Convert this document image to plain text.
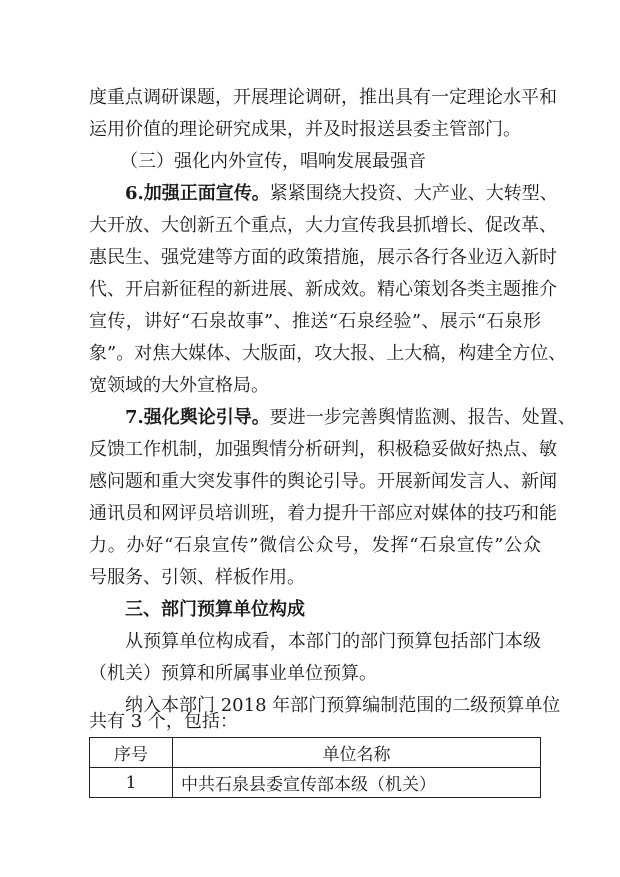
度重点调研课题，开展理论调研，推出具有一定理论水平和
运用价值的理论研究成果，并及时报送县委主管部门。
（三）强化内外宣传，唱响发展最强音
6.加强正面宣传。紧紧围绕大投资、大产业、大转型、
大开放、大创新五个重点，大力宣传我县抓增长、促改革、
惠民生、强党建等方面的政策措施，展示各行各业迈入新时
代、开启新征程的新进展、新成效。精心策划各类主题推介
宣传，讲好“石泉故事”、推送“石泉经验”、展示“石泉形
象”。对焦大媒体、大版面，攻大报、上大稿，构建全方位、
宽领域的大外宣格局。
7.强化舆论引导。要进一步完善舆情监测、报告、处置、
反馈工作机制，加强舆情分析研判，积极稳妥做好热点、敏
感问题和重大突发事件的舆论引导。开展新闻发言人、新闻
通讯员和网评员培训班，着力提升干部应对媒体的技巧和能
力。办好“石泉宣传”微信公众号，发挥“石泉宣传”公众
号服务、引领、样板作用。
三、部门预算单位构成
从预算单位构成看，本部门的部门预算包括部门本级
（机关）预算和所属事业单位预算。
纳入本部门 2018 年部门预算编制范围的二级预算单位
共有 3 个，包括：
序号	单位名称
1	中共石泉县委宣传部本级（机关）
